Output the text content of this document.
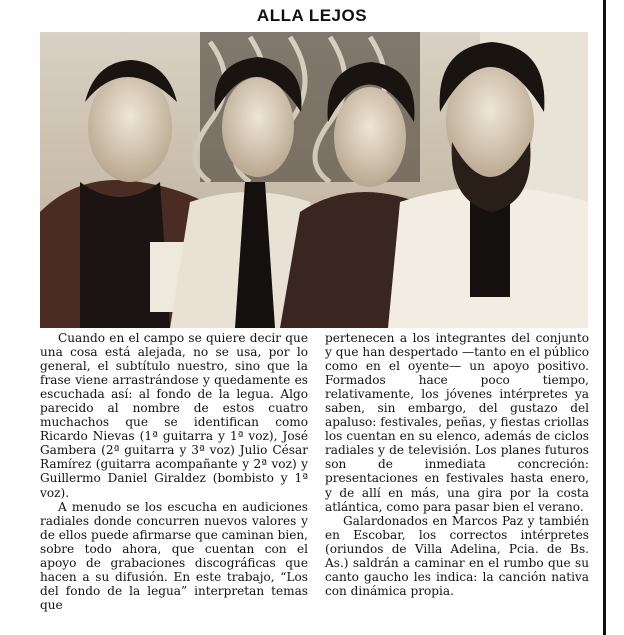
ALLA LEJOS

Cuando en el campo se quiere decir que una cosa está alejada, no se usa, por lo general, el subtítulo nuestro, sino que la frase viene arrastrándose y quedamente es escuchada así: al fondo de la legua. Algo parecido al nombre de estos cuatro muchachos que se identifican como Ricardo Nievas (1ª guitarra y 1ª voz), José Gambera (2ª guitarra y 3ª voz) Julio César Ramírez (guitarra acompañante y 2ª voz) y Guillermo Daniel Giraldez (bombisto y 1ª voz).

A menudo se los escucha en audiciones radiales donde concurren nuevos valores y de ellos puede afirmarse que caminan bien, sobre todo ahora, que cuentan con el apoyo de grabaciones discográficas que hacen a su difusión. En este trabajo, “Los del fondo de la legua” interpretan temas que

pertenecen a los integrantes del conjunto y que han despertado —tanto en el público como en el oyente— un apoyo positivo. Formados hace poco tiempo, relativamente, los jóvenes intérpretes ya saben, sin embargo, del gustazo del apaluso: festivales, peñas, y fiestas criollas los cuentan en su elenco, además de ciclos radiales y de televisión. Los planes futuros son de inmediata concreción: presentaciones en festivales hasta enero, y de allí en más, una gira por la costa atlántica, como para pasar bien el verano.

Galardonados en Marcos Paz y también en Escobar, los correctos intérpretes (oriundos de Villa Adelina, Pcia. de Bs. As.) saldrán a caminar en el rumbo que su canto gaucho les indica: la canción nativa con dinámica propia.
